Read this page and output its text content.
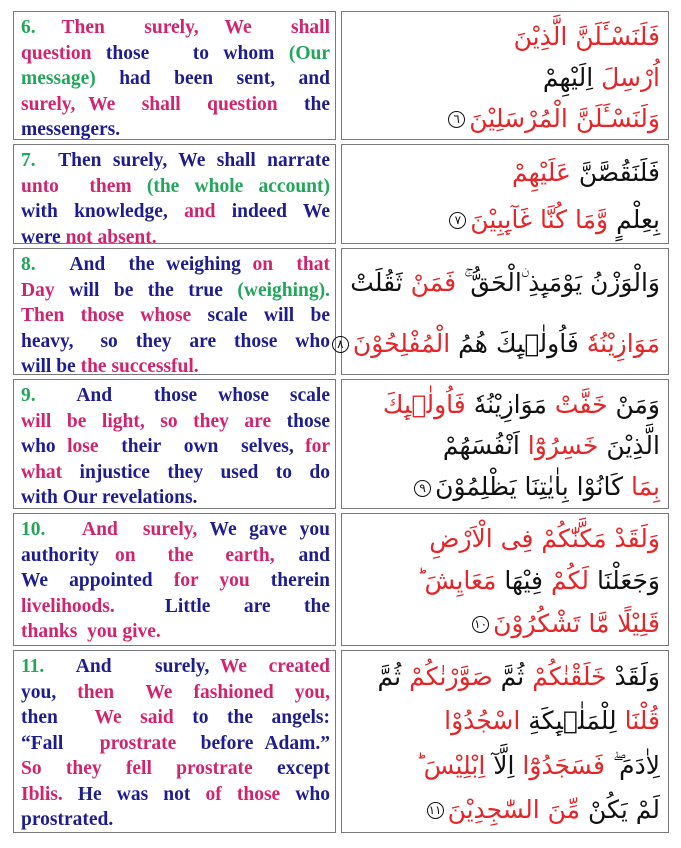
6.  Then   surely,  We   shall
question those   to whom (Our
message) had been sent, and
surely, We  shall  question  the
messengers.
فَلَنَسْـَٔلَنَّ الَّذِيْنَ
اُرْسِلَ اِلَيْهِمْ
وَلَنَسْـَٔلَنَّ الْمُرْسَلِيْنَ٦
7.  Then surely, We shall narrate
unto  them (the whole account)
with knowledge, and indeed We
were not absent.
فَلَنَقُصَّنَّ عَلَيْهِمْ
بِعِلْمٍ وَّمَا كُنَّا غَآىِٕبِيْنَ٧
8.   And  the weighing on  that
Day will be the true (weighing).
Then  those  whose  scale  will  be
heavy,   so  they  are  those  who
will be the successful.
وَالْوَزْنُ يَوْمَىِٕذِ ۨالْحَقُّ ۚ فَمَنْ ثَقُلَتْ
مَوَازِيْنُهٗ فَاُولٰۤىِٕكَ هُمُ الْمُفْلِحُوْنَ٨
9.    And    those  whose  scale
will  be  light,  so  they  are  those
who lose  their  own  selves, for
what  injustice  they  used  to  do
with Our revelations.
وَمَنْ خَفَّتْ مَوَازِيْنُهٗ فَاُولٰۤىِٕكَ
الَّذِيْنَ خَسِرُوْٓا اَنْفُسَهُمْ
بِمَا كَانُوْا بِاٰيٰتِنَا يَظْلِمُوْنَ٩
10.   And  surely, We gave you
authority  on    the    earth,   and
We  appointed  for  you  therein
livelihoods.      Little    are    the
thanks  you give.
وَلَقَدْ مَكَّنّٰكُمْ فِى الْاَرْضِ
وَجَعَلْنَا لَكُمْ فِيْهَا مَعَايِشَ ؕ
قَلِيْلًا مَّا تَشْكُرُوْنَ١٠
11.   And    surely, We  created
you,  then   We  fashioned  you,
then    We  said  to  the  angels:
“Fall   prostrate  before Adam.”
So  they  fell  prostrate  except
Iblis.  He  was  not  of  those  who
prostrated.
وَلَقَدْ خَلَقْنٰكُمْ ثُمَّ صَوَّرْنٰكُمْ ثُمَّ
قُلْنَا لِلْمَلٰۤىِٕكَةِ اسْجُدُوْا
لِاٰدَمَ ۖ فَسَجَدُوْٓا اِلَّآ اِبْلِيْسَ ؕ
لَمْ يَكُنْ مِّنَ السّٰجِدِيْنَ١١
